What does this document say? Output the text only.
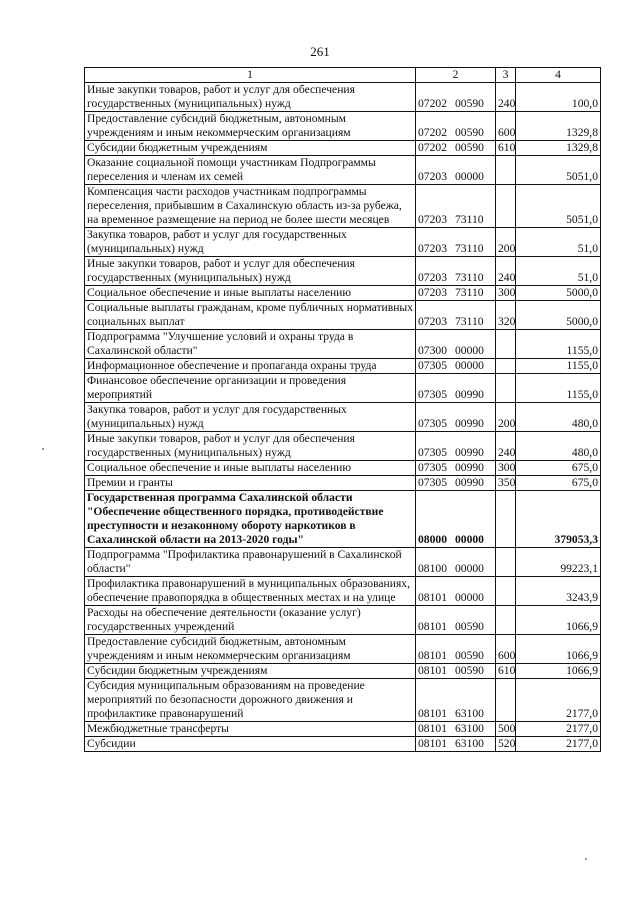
261
1	2	3	4
Иные закупки товаров, работ и услуг для обеспечения государственных (муниципальных) нужд	07202 00590	240	100,0
Предоставление субсидий бюджетным, автономным учреждениям и иным некоммерческим организациям	07202 00590	600	1329,8
Субсидии бюджетным учреждениям	07202 00590	610	1329,8
Оказание социальной помощи участникам Подпрограммы переселения и членам их семей	07203 00000		5051,0
Компенсация части расходов участникам подпрограммы переселения, прибывшим в Сахалинскую область из-за рубежа, на временное размещение на период не более шести месяцев	07203 73110		5051,0
Закупка товаров, работ и услуг для государственных (муниципальных) нужд	07203 73110	200	51,0
Иные закупки товаров, работ и услуг для обеспечения государственных (муниципальных) нужд	07203 73110	240	51,0
Социальное обеспечение и иные выплаты населению	07203 73110	300	5000,0
Социальные выплаты гражданам, кроме публичных нормативных социальных выплат	07203 73110	320	5000,0
Подпрограмма "Улучшение условий и охраны труда в Сахалинской области"	07300 00000		1155,0
Информационное обеспечение и пропаганда охраны труда	07305 00000		1155,0
Финансовое обеспечение организации и проведения мероприятий	07305 00990		1155,0
Закупка товаров, работ и услуг для государственных (муниципальных) нужд	07305 00990	200	480,0
Иные закупки товаров, работ и услуг для обеспечения государственных (муниципальных) нужд	07305 00990	240	480,0
Социальное обеспечение и иные выплаты населению	07305 00990	300	675,0
Премии и гранты	07305 00990	350	675,0
Государственная программа Сахалинской области "Обеспечение общественного порядка, противодействие преступности и незаконному обороту наркотиков в Сахалинской области на 2013-2020 годы"	08000 00000		379053,3
Подпрограмма "Профилактика правонарушений в Сахалинской области"	08100 00000		99223,1
Профилактика правонарушений в муниципальных образованиях, обеспечение правопорядка в общественных местах и на улице	08101 00000		3243,9
Расходы на обеспечение деятельности (оказание услуг) государственных учреждений	08101 00590		1066,9
Предоставление субсидий бюджетным, автономным учреждениям и иным некоммерческим организациям	08101 00590	600	1066,9
Субсидии бюджетным учреждениям	08101 00590	610	1066,9
Субсидия муниципальным образованиям на проведение мероприятий по безопасности дорожного движения и профилактике правонарушений	08101 63100		2177,0
Межбюджетные трансферты	08101 63100	500	2177,0
Субсидии	08101 63100	520	2177,0
